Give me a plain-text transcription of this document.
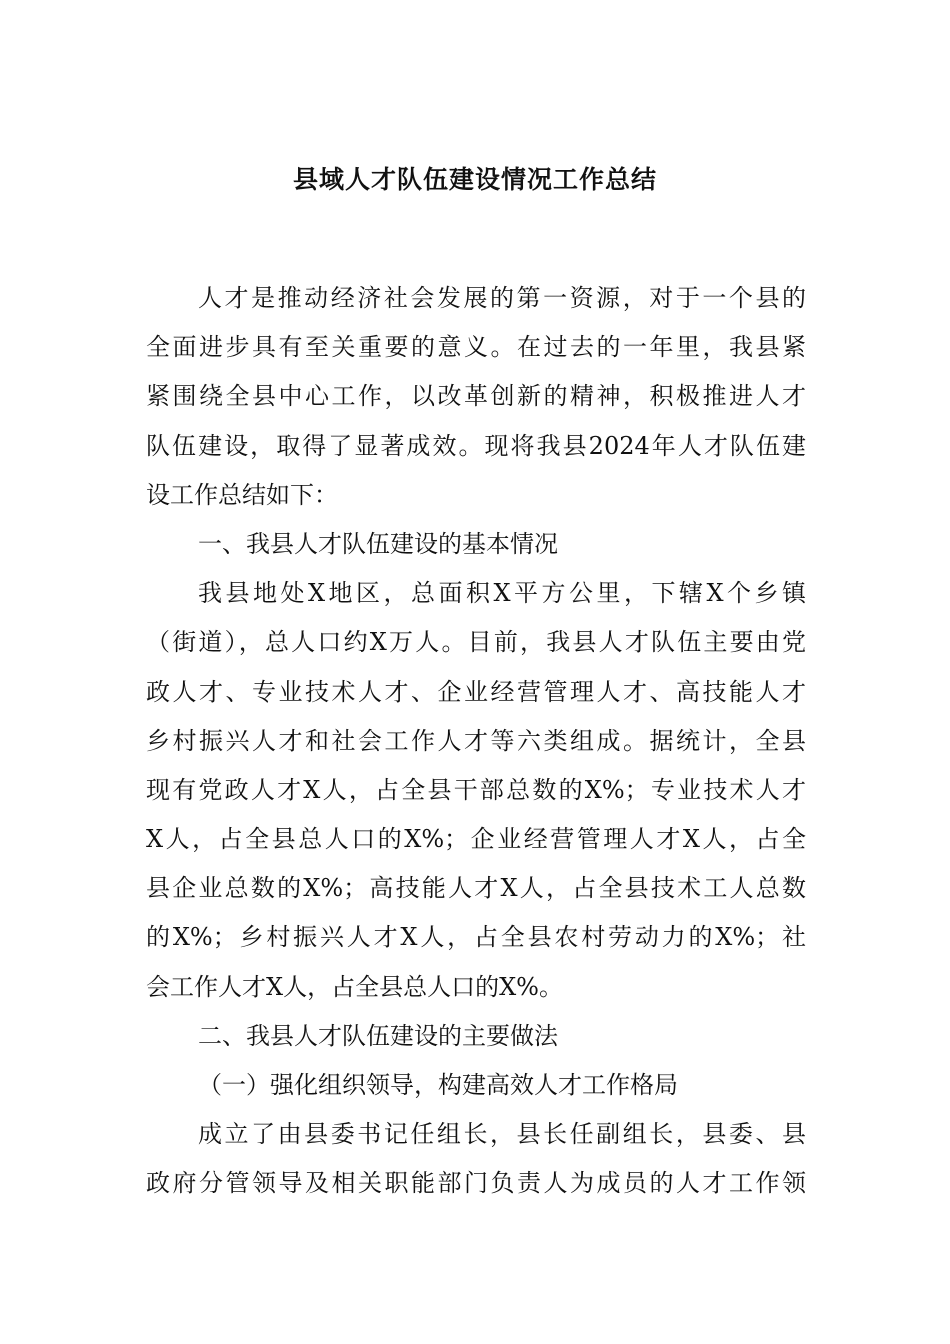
县域人才队伍建设情况工作总结
人才是推动经济社会发展的第一资源，对于一个县的
全面进步具有至关重要的意义。在过去的一年里，我县紧
紧围绕全县中心工作，以改革创新的精神，积极推进人才
队伍建设，取得了显著成效。现将我县2024年人才队伍建
设工作总结如下：
一、我县人才队伍建设的基本情况
我县地处X地区，总面积X平方公里，下辖X个乡镇
（街道），总人口约X万人。目前，我县人才队伍主要由党
政人才、专业技术人才、企业经营管理人才、高技能人才
乡村振兴人才和社会工作人才等六类组成。据统计，全县
现有党政人才X人，占全县干部总数的X%；专业技术人才
X人，占全县总人口的X%；企业经营管理人才X人，占全
县企业总数的X%；高技能人才X人，占全县技术工人总数
的X%；乡村振兴人才X人，占全县农村劳动力的X%；社
会工作人才X人，占全县总人口的X%。
二、我县人才队伍建设的主要做法
（一）强化组织领导，构建高效人才工作格局
成立了由县委书记任组长，县长任副组长，县委、县
政府分管领导及相关职能部门负责人为成员的人才工作领
